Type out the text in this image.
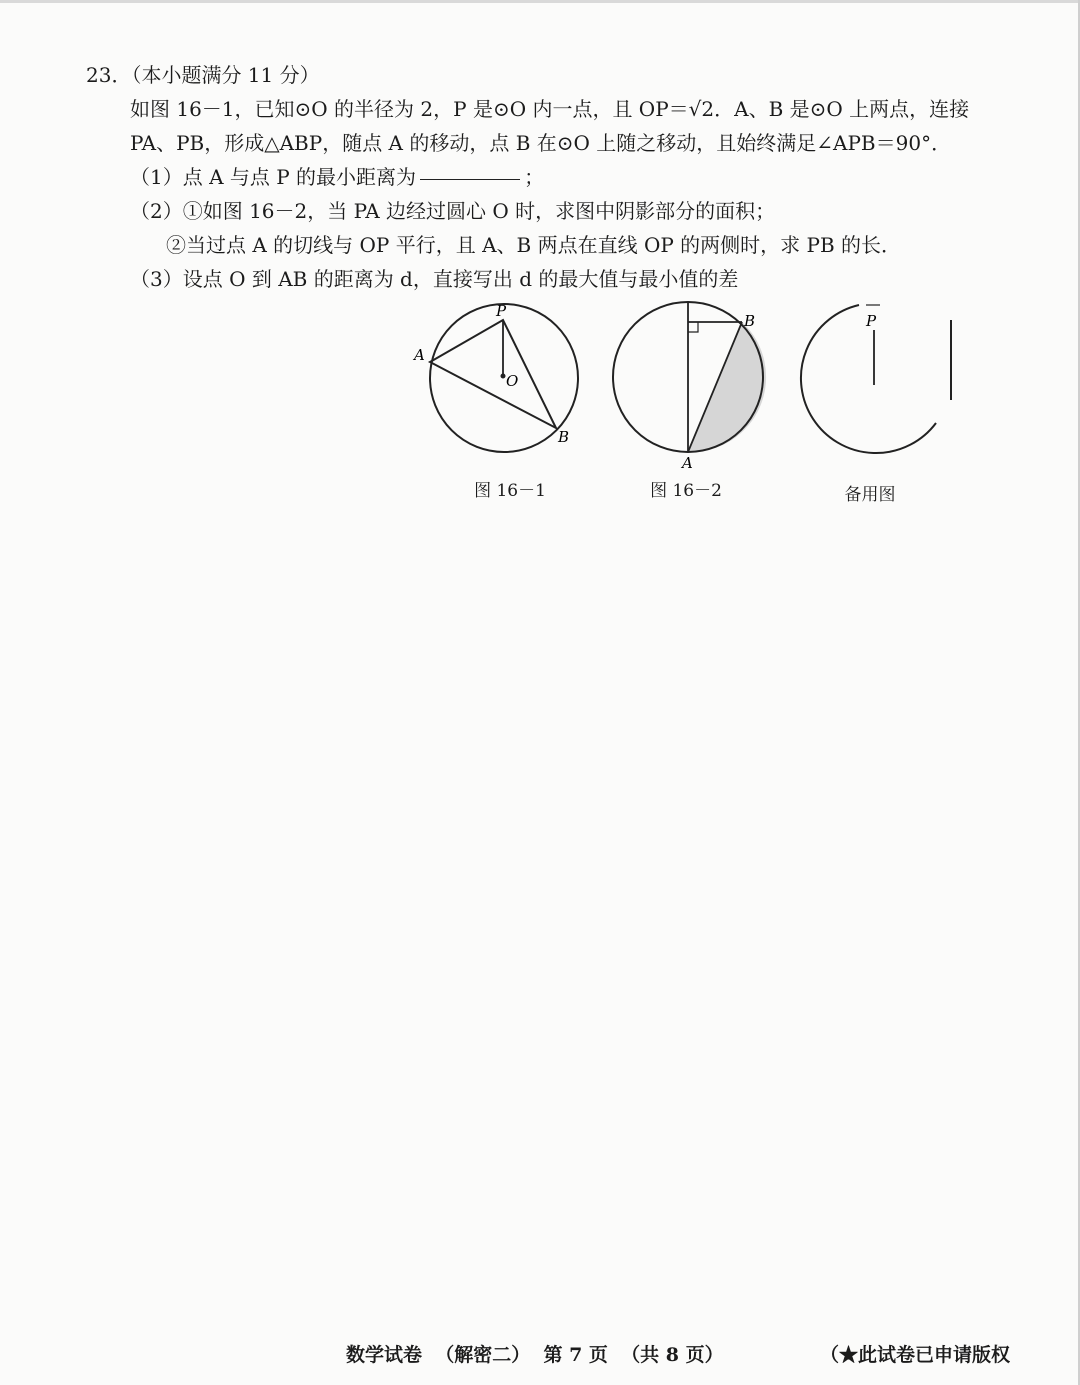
23．（本小题满分 11 分）
如图 16－1，已知⊙O 的半径为 2，P 是⊙O 内一点，且 OP＝√2．A、B 是⊙O 上两点，连接
PA、PB，形成△ABP，随点 A 的移动，点 B 在⊙O 上随之移动，且始终满足∠APB＝90°．
（1）点 A 与点 P 的最小距离为	；
（2）①如图 16－2，当 PA 边经过圆心 O 时，求图中阴影部分的面积；
②当过点 A 的切线与 OP 平行，且 A、B 两点在直线 OP 的两侧时，求 PB 的长．
（3）设点 O 到 AB 的距离为 d，直接写出 d 的最大值与最小值的差
P
A
O
B
图 16－1
B
A
图 16－2
P
备用图
数学试卷  （解密二）  第 7 页  （共 8 页）	（★此试卷已申请版权
